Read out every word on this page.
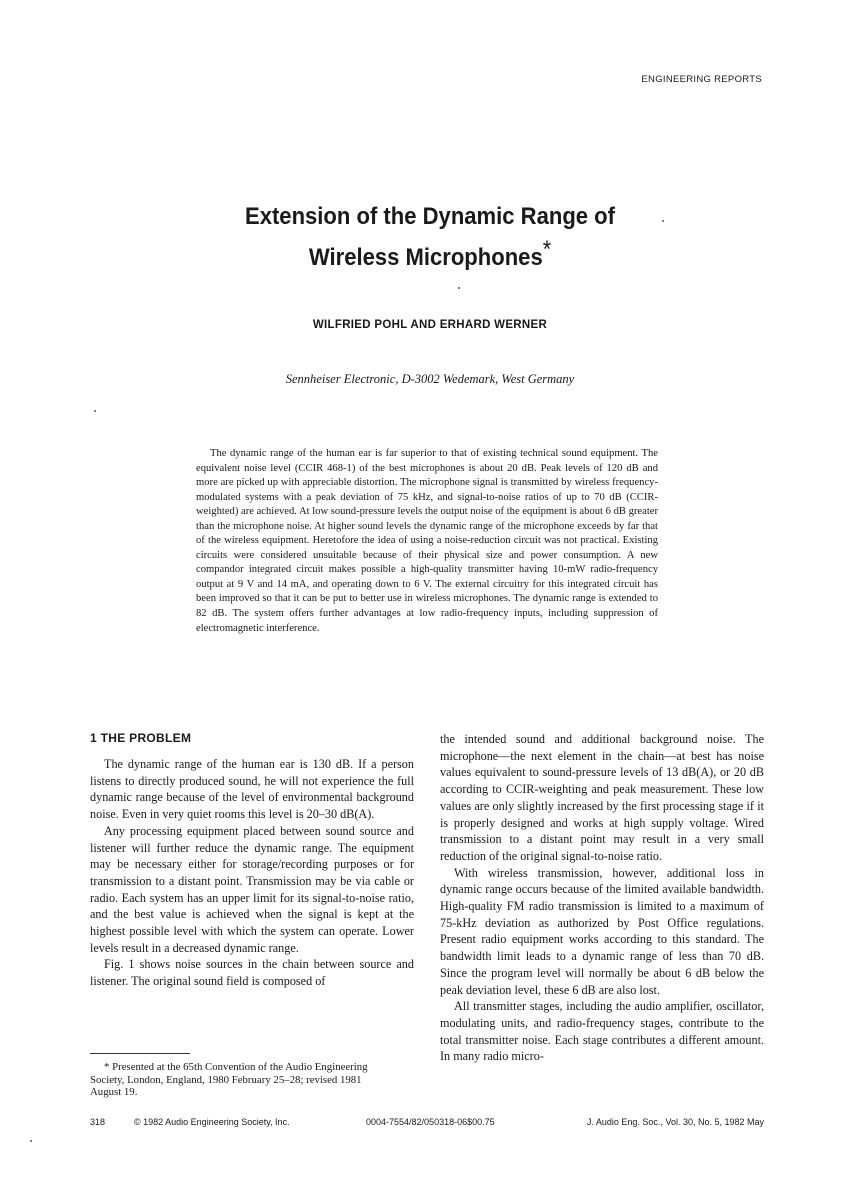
ENGINEERING REPORTS
Extension of the Dynamic Range of
Wireless Microphones*
WILFRIED POHL AND ERHARD WERNER
Sennheiser Electronic, D-3002 Wedemark, West Germany
The dynamic range of the human ear is far superior to that of existing technical sound equipment. The equivalent noise level (CCIR 468-1) of the best microphones is about 20 dB. Peak levels of 120 dB and more are picked up with appreciable distortion. The microphone signal is transmitted by wireless frequency-modulated systems with a peak deviation of 75 kHz, and signal-to-noise ratios of up to 70 dB (CCIR-weighted) are achieved. At low sound-pressure levels the output noise of the equipment is about 6 dB greater than the microphone noise. At higher sound levels the dynamic range of the microphone exceeds by far that of the wireless equipment. Heretofore the idea of using a noise-reduction circuit was not practical. Existing circuits were considered unsuitable because of their physical size and power consumption. A new compandor integrated circuit makes possible a high-quality transmitter having 10-mW radio-frequency output at 9 V and 14 mA, and operating down to 6 V. The external circuitry for this integrated circuit has been improved so that it can be put to better use in wireless microphones. The dynamic range is extended to 82 dB. The system offers further advantages at low radio-frequency inputs, including suppression of electromagnetic interference.
1 THE PROBLEM

The dynamic range of the human ear is 130 dB. If a person listens to directly produced sound, he will not experience the full dynamic range because of the level of environmental background noise. Even in very quiet rooms this level is 20–30 dB(A).

Any processing equipment placed between sound source and listener will further reduce the dynamic range. The equipment may be necessary either for storage/recording purposes or for transmission to a distant point. Transmission may be via cable or radio. Each system has an upper limit for its signal-to-noise ratio, and the best value is achieved when the signal is kept at the highest possible level with which the system can operate. Lower levels result in a decreased dynamic range.

Fig. 1 shows noise sources in the chain between source and listener. The original sound field is composed of

* Presented at the 65th Convention of the Audio Engineering Society, London, England, 1980 February 25–28; revised 1981 August 19.

the intended sound and additional background noise. The microphone—the next element in the chain—at best has noise values equivalent to sound-pressure levels of 13 dB(A), or 20 dB according to CCIR-weighting and peak measurement. These low values are only slightly increased by the first processing stage if it is properly designed and works at high supply voltage. Wired transmission to a distant point may result in a very small reduction of the original signal-to-noise ratio.

With wireless transmission, however, additional loss in dynamic range occurs because of the limited available bandwidth. High-quality FM radio transmission is limited to a maximum of 75-kHz deviation as authorized by Post Office regulations. Present radio equipment works according to this standard. The bandwidth limit leads to a dynamic range of less than 70 dB. Since the program level will normally be about 6 dB below the peak deviation level, these 6 dB are also lost.

All transmitter stages, including the audio amplifier, oscillator, modulating units, and radio-frequency stages, contribute to the total transmitter noise. Each stage contributes a different amount. In many radio micro-

318	© 1982 Audio Engineering Society, Inc.	0004-7554/82/050318-06$00.75	J. Audio Eng. Soc., Vol. 30, No. 5, 1982 May
